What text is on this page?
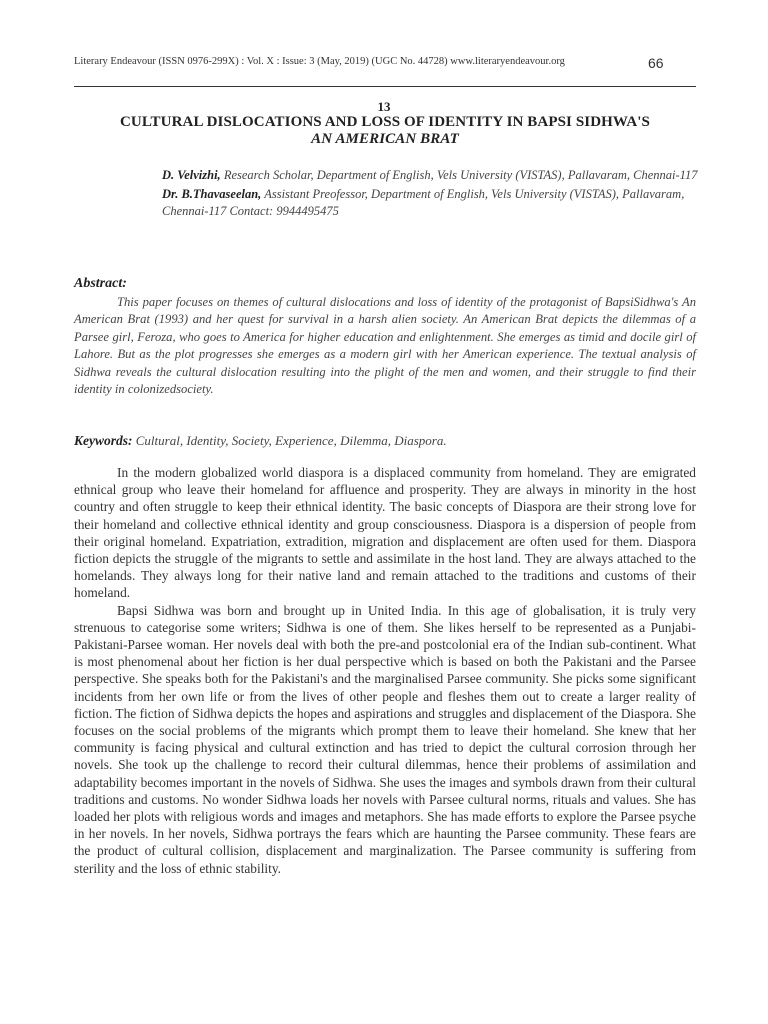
Literary Endeavour (ISSN 0976-299X) : Vol. X : Issue: 3 (May, 2019) (UGC No. 44728) www.literaryendeavour.org	66
13
CULTURAL DISLOCATIONS AND LOSS OF IDENTITY IN BAPSI SIDHWA'S
AN AMERICAN BRAT
D. Velvizhi, Research Scholar, Department of English, Vels University (VISTAS), Pallavaram, Chennai-117
Dr. B.Thavaseelan, Assistant Preofessor, Department of English, Vels University (VISTAS), Pallavaram, Chennai-117 Contact: 9944495475
Abstract:

This paper focuses on themes of cultural dislocations and loss of identity of the protagonist of BapsiSidhwa's An American Brat (1993) and her quest for survival in a harsh alien society. An American Brat depicts the dilemmas of a Parsee girl, Feroza, who goes to America for higher education and enlightenment. She emerges as timid and docile girl of Lahore. But as the plot progresses she emerges as a modern girl with her American experience. The textual analysis of Sidhwa reveals the cultural dislocation resulting into the plight of the men and women, and their struggle to find their identity in colonizedsociety.

Keywords: Cultural, Identity, Society, Experience, Dilemma, Diaspora.

In the modern globalized world diaspora is a displaced community from homeland. They are emigrated ethnical group who leave their homeland for affluence and prosperity. They are always in minority in the host country and often struggle to keep their ethnical identity. The basic concepts of Diaspora are their strong love for their homeland and collective ethnical identity and group consciousness. Diaspora is a dispersion of people from their original homeland. Expatriation, extradition, migration and displacement are often used for them. Diaspora fiction depicts the struggle of the migrants to settle and assimilate in the host land. They are always attached to the homelands. They always long for their native land and remain attached to the traditions and customs of their homeland.

Bapsi Sidhwa was born and brought up in United India. In this age of globalisation, it is truly very strenuous to categorise some writers; Sidhwa is one of them. She likes herself to be represented as a Punjabi-Pakistani-Parsee woman. Her novels deal with both the pre-and postcolonial era of the Indian sub-continent. What is most phenomenal about her fiction is her dual perspective which is based on both the Pakistani and the Parsee perspective. She speaks both for the Pakistani's and the marginalised Parsee community. She picks some significant incidents from her own life or from the lives of other people and fleshes them out to create a larger reality of fiction. The fiction of Sidhwa depicts the hopes and aspirations and struggles and displacement of the Diaspora. She focuses on the social problems of the migrants which prompt them to leave their homeland. She knew that her community is facing physical and cultural extinction and has tried to depict the cultural corrosion through her novels. She took up the challenge to record their cultural dilemmas, hence their problems of assimilation and adaptability becomes important in the novels of Sidhwa. She uses the images and symbols drawn from their cultural traditions and customs. No wonder Sidhwa loads her novels with Parsee cultural norms, rituals and values. She has loaded her plots with religious words and images and metaphors. She has made efforts to explore the Parsee psyche in her novels. In her novels, Sidhwa portrays the fears which are haunting the Parsee community. These fears are the product of cultural collision, displacement and marginalization. The Parsee community is suffering from sterility and the loss of ethnic stability.
